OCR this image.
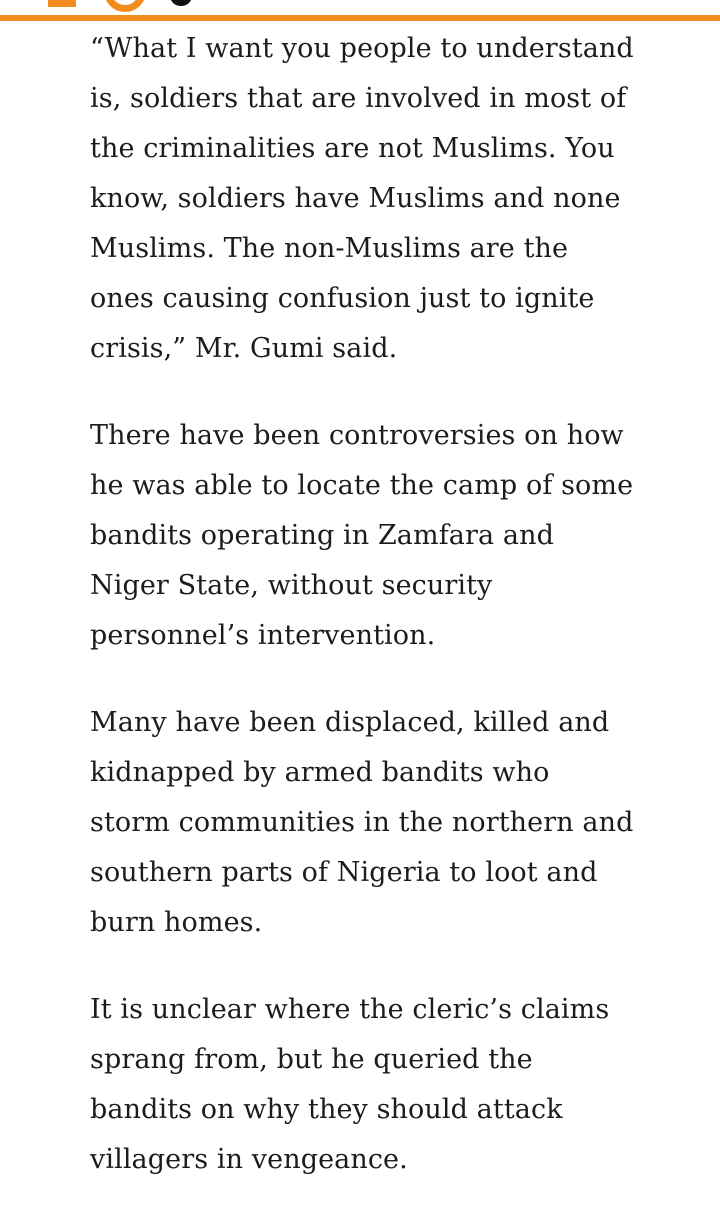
“What I want you people to understand is, soldiers that are involved in most of the criminalities are not Muslims. You know, soldiers have Muslims and none Muslims. The non-Muslims are the ones causing confusion just to ignite crisis,” Mr. Gumi said.

There have been controversies on how he was able to locate the camp of some bandits operating in Zamfara and Niger State, without security personnel’s intervention.

Many have been displaced, killed and kidnapped by armed bandits who storm communities in the northern and southern parts of Nigeria to loot and burn homes.

It is unclear where the cleric’s claims sprang from, but he queried the bandits on why they should attack villagers in vengeance.
